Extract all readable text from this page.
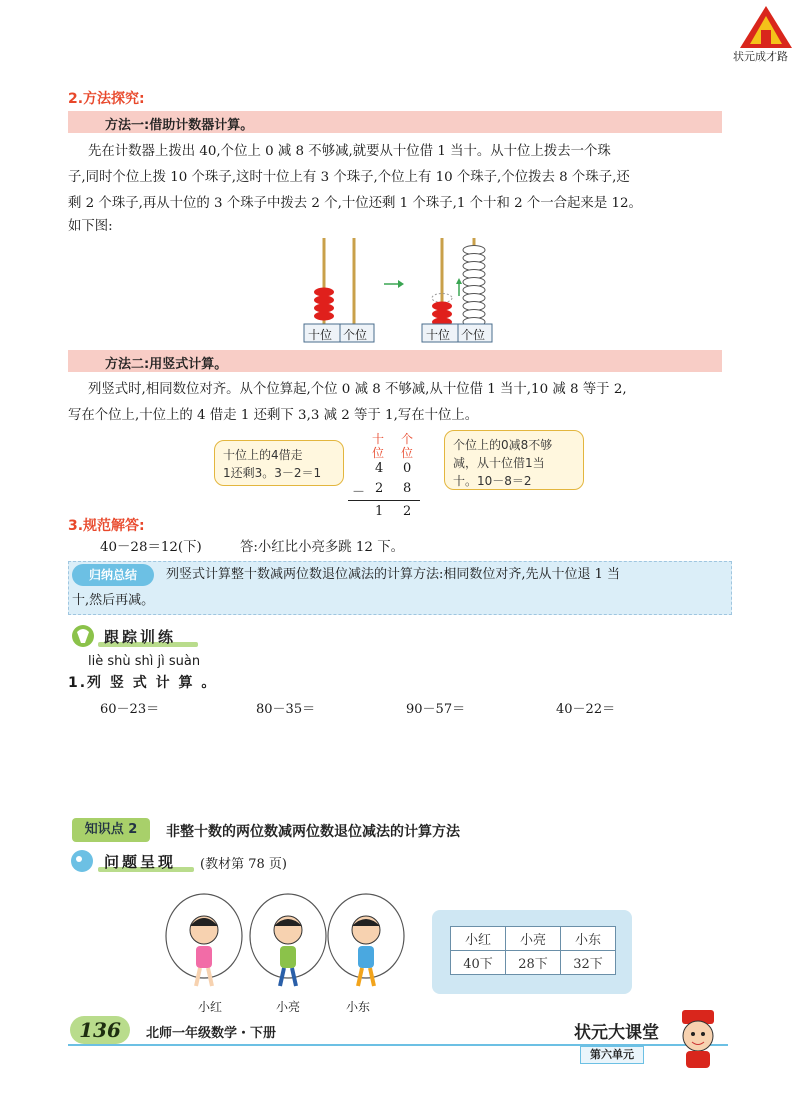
状元成才路
2.方法探究:
方法一:借助计数器计算。
先在计数器上拨出 40,个位上 0 减 8 不够减,就要从十位借 1 当十。从十位上拨去一个珠
子,同时个位上拨 10 个珠子,这时十位上有 3 个珠子,个位上有 10 个珠子,个位拨去 8 个珠子,还
剩 2 个珠子,再从十位的 3 个珠子中拨去 2 个,十位还剩 1 个珠子,1 个十和 2 个一合起来是 12。
如下图:
十位 个位	十位 个位
方法二:用竖式计算。
列竖式时,相同数位对齐。从个位算起,个位 0 减 8 不够减,从十位借 1 当十,10 减 8 等于 2,
写在个位上,十位上的 4 借走 1 还剩下 3,3 减 2 等于 1,写在十位上。
十位上的4借走
1还剩3。3－2＝1
个位上的0减8不够
减，从十位借1当
十。10－8＝2
十 个
位 位
4 0
－ 2 8
1 2
3.规范解答:
40－28＝12(下)	答:小红比小亮多跳 12 下。
归纳总结	列竖式计算整十数减两位数退位减法的计算方法:相同数位对齐,先从十位退 1 当
十,然后再减。
跟踪训练
liè shù shì jì suàn
1.列 竖 式 计 算 。
60－23＝	80－35＝	90－57＝	40－22＝
知识点 2	非整十数的两位数减两位数退位减法的计算方法
问题呈现 (教材第 78 页)
小红	小亮	小东
小红	小亮	小东
40下	28下	32下
136	北师一年级数学・下册	状元大课堂
第六单元
